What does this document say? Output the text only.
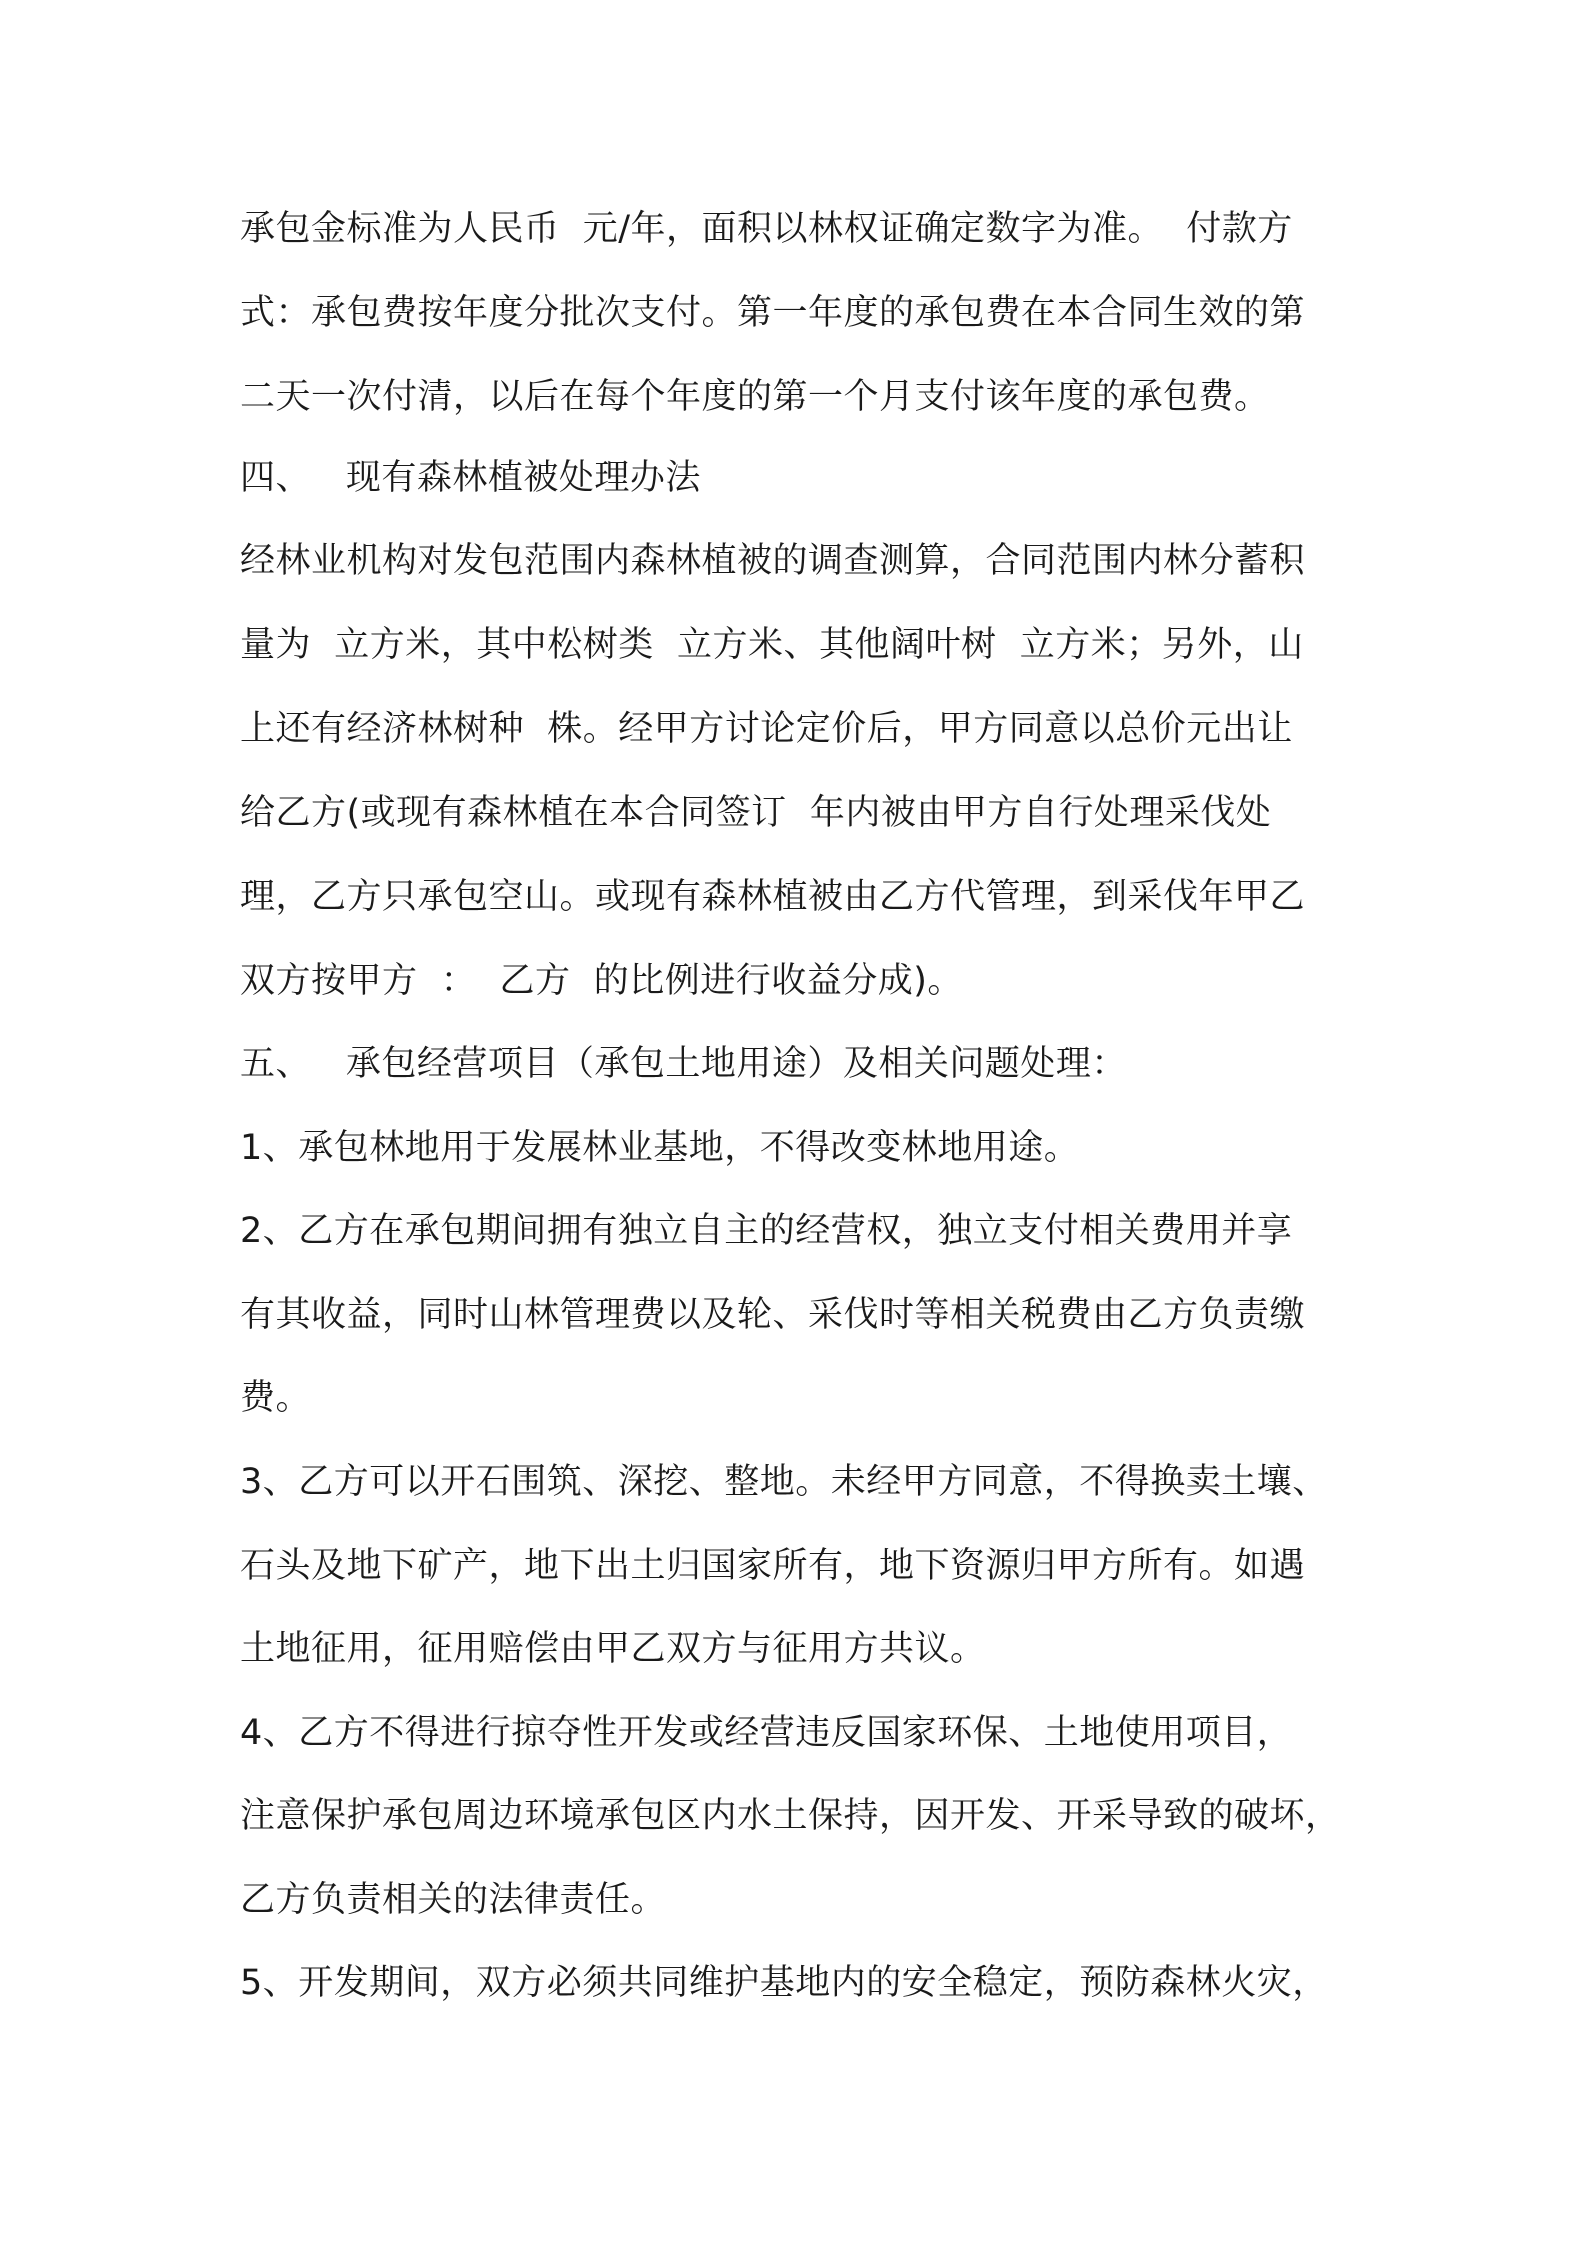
承包金标准为人民币  元/年，面积以林权证确定数字为准。  付款方
式：承包费按年度分批次支付。第一年度的承包费在本合同生效的第
二天一次付清，以后在每个年度的第一个月支付该年度的承包费。
四、   现有森林植被处理办法
经林业机构对发包范围内森林植被的调查测算，合同范围内林分蓄积
量为  立方米，其中松树类  立方米、其他阔叶树  立方米；另外，山
上还有经济林树种  株。经甲方讨论定价后，甲方同意以总价元出让
给乙方(或现有森林植在本合同签订  年内被由甲方自行处理采伐处
理，乙方只承包空山。或现有森林植被由乙方代管理，到采伐年甲乙
双方按甲方  ：  乙方  的比例进行收益分成)。
五、   承包经营项目（承包土地用途）及相关问题处理：
1、承包林地用于发展林业基地，不得改变林地用途。
2、乙方在承包期间拥有独立自主的经营权，独立支付相关费用并享
有其收益，同时山林管理费以及轮、采伐时等相关税费由乙方负责缴
费。
3、乙方可以开石围筑、深挖、整地。未经甲方同意，不得换卖土壤、
石头及地下矿产，地下出土归国家所有，地下资源归甲方所有。如遇
土地征用，征用赔偿由甲乙双方与征用方共议。
4、乙方不得进行掠夺性开发或经营违反国家环保、土地使用项目，
注意保护承包周边环境承包区内水土保持，因开发、开采导致的破坏，
乙方负责相关的法律责任。
5、开发期间，双方必须共同维护基地内的安全稳定，预防森林火灾，
